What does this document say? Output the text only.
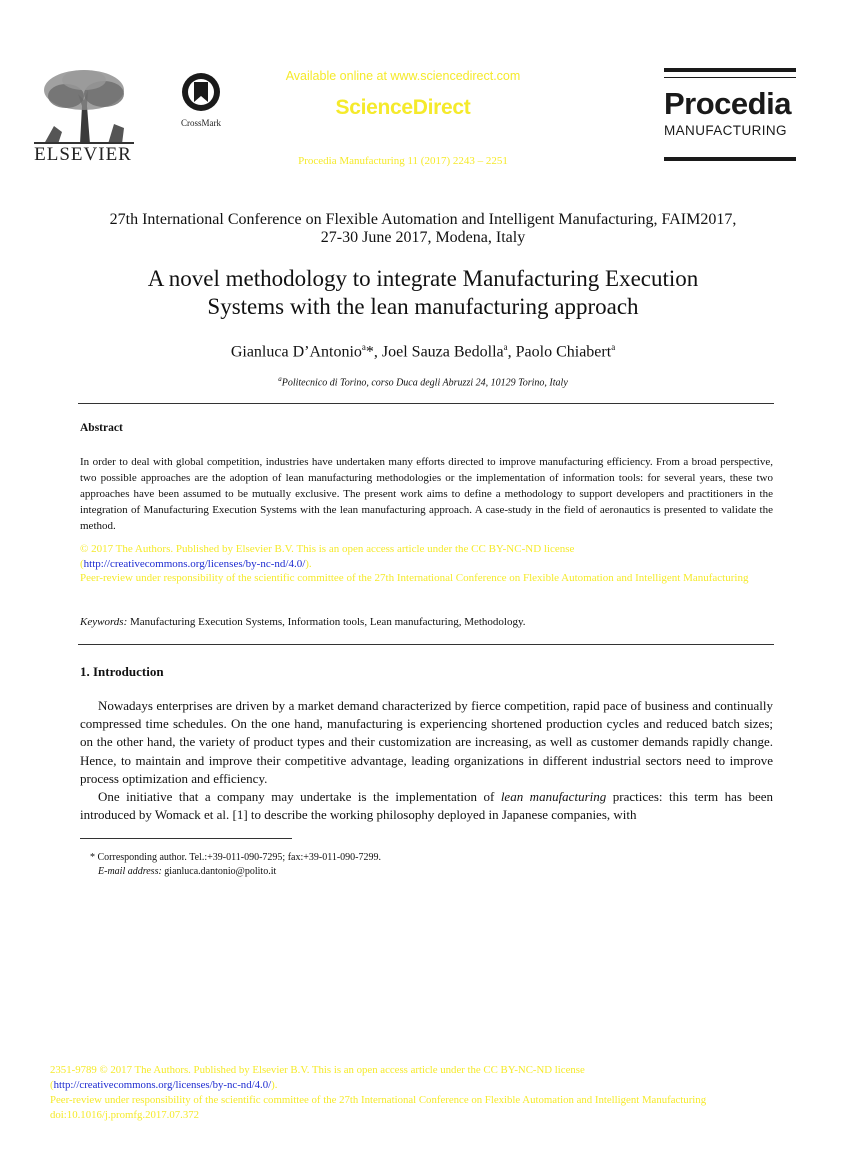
ELSEVIER
CrossMark
Available online at www.sciencedirect.com
ScienceDirect
Procedia Manufacturing 11 (2017) 2243 – 2251
Procedia
MANUFACTURING
27th International Conference on Flexible Automation and Intelligent Manufacturing, FAIM2017,
27-30 June 2017, Modena, Italy
A novel methodology to integrate Manufacturing Execution
Systems with the lean manufacturing approach
Gianluca D’Antonio$^a$*, Joel Sauza Bedolla$^a$, Paolo Chiabert$^a$
$^a$Politecnico di Torino, corso Duca degli Abruzzi 24, 10129 Torino, Italy
Abstract
In order to deal with global competition, industries have undertaken many efforts directed to improve manufacturing efficiency. From a broad perspective, two possible approaches are the adoption of lean manufacturing methodologies or the implementation of information tools: for several years, these two approaches have been assumed to be mutually exclusive. The present work aims to define a methodology to support developers and practitioners in the integration of Manufacturing Execution Systems with the lean manufacturing approach. A case-study in the field of aeronautics is presented to validate the method.
© 2017 The Authors. Published by Elsevier B.V. This is an open access article under the CC BY-NC-ND license
(http://creativecommons.org/licenses/by-nc-nd/4.0/).
Peer-review under responsibility of the scientific committee of the 27th International Conference on Flexible Automation and Intelligent Manufacturing
Keywords: Manufacturing Execution Systems, Information tools, Lean manufacturing, Methodology.
1. Introduction

Nowadays enterprises are driven by a market demand characterized by fierce competition, rapid pace of business and continually compressed time schedules. On the one hand, manufacturing is experiencing shortened production cycles and reduced batch sizes; on the other hand, the variety of product types and their customization are increasing, as well as customer demands rapidly change. Hence, to maintain and improve their competitive advantage, leading organizations in different industrial sectors need to improve process optimization and efficiency.

One initiative that a company may undertake is the implementation of lean manufacturing practices: this term has been introduced by Womack et al. [1] to describe the working philosophy deployed in Japanese companies, with

* Corresponding author. Tel.:+39-011-090-7295; fax:+39-011-090-7299.
E-mail address: gianluca.dantonio@polito.it
2351-9789 © 2017 The Authors. Published by Elsevier B.V. This is an open access article under the CC BY-NC-ND license
(http://creativecommons.org/licenses/by-nc-nd/4.0/).
Peer-review under responsibility of the scientific committee of the 27th International Conference on Flexible Automation and Intelligent Manufacturing
doi:10.1016/j.promfg.2017.07.372
